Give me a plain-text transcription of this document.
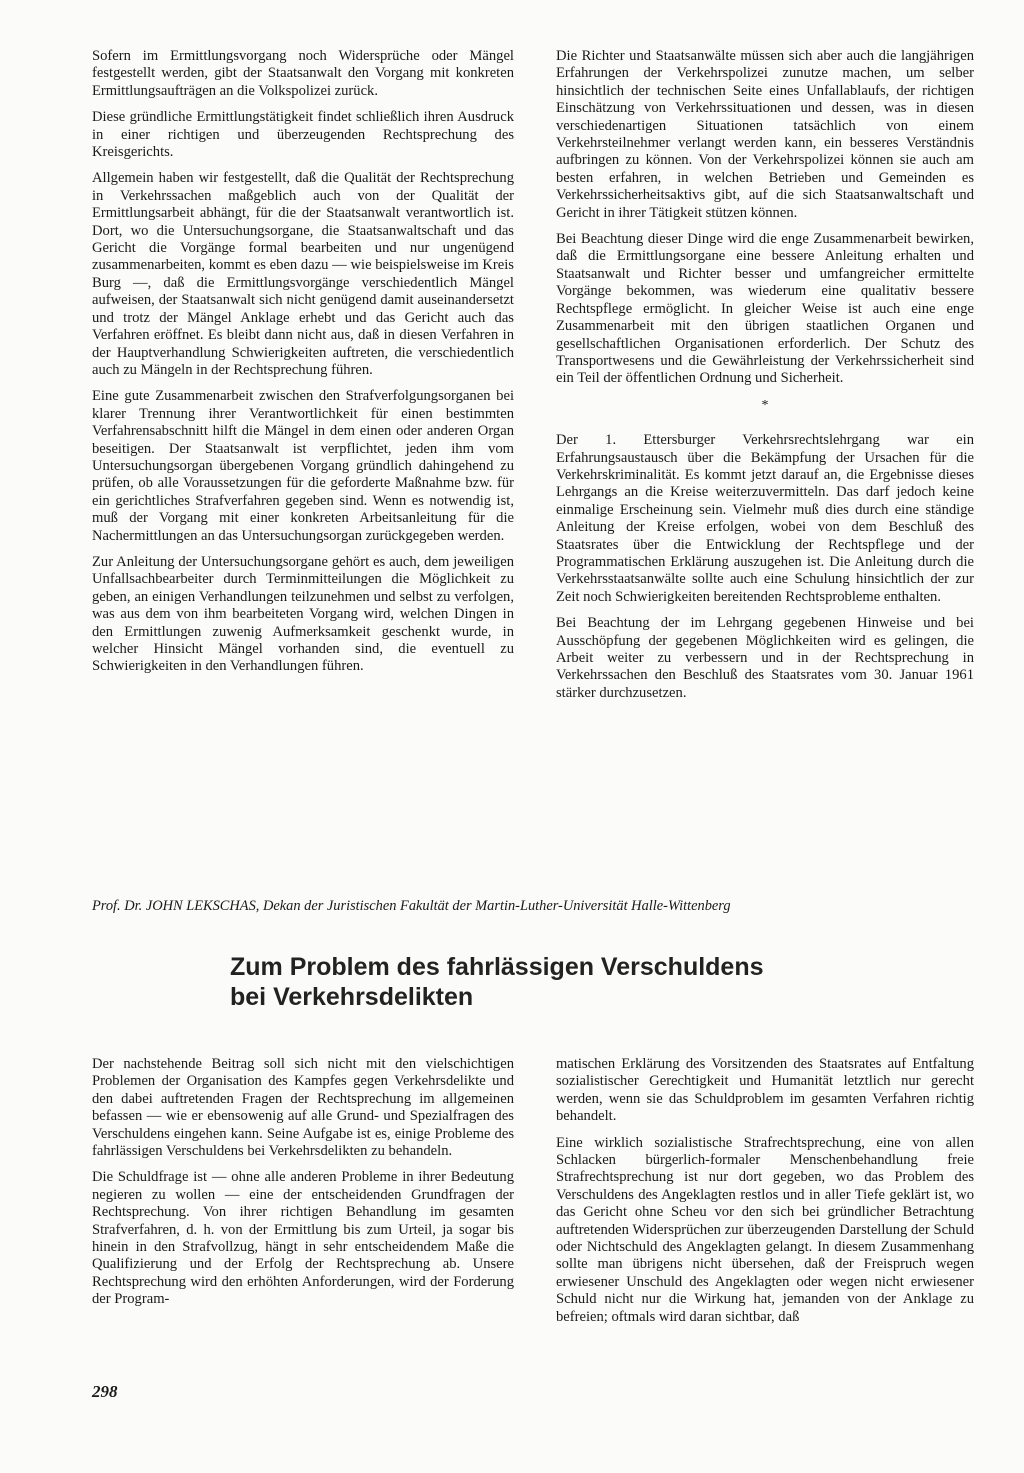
Sofern im Ermittlungsvorgang noch Widersprüche oder Mängel festgestellt werden, gibt der Staatsanwalt den Vorgang mit konkreten Ermittlungsaufträgen an die Volkspolizei zurück.

Diese gründliche Ermittlungstätigkeit findet schließlich ihren Ausdruck in einer richtigen und überzeugenden Rechtsprechung des Kreisgerichts.

Allgemein haben wir festgestellt, daß die Qualität der Rechtsprechung in Verkehrssachen maßgeblich auch von der Qualität der Ermittlungsarbeit abhängt, für die der Staatsanwalt verantwortlich ist. Dort, wo die Untersuchungsorgane, die Staatsanwaltschaft und das Gericht die Vorgänge formal bearbeiten und nur ungenügend zusammenarbeiten, kommt es eben dazu — wie beispielsweise im Kreis Burg —, daß die Ermittlungsvorgänge verschiedentlich Mängel aufweisen, der Staatsanwalt sich nicht genügend damit auseinandersetzt und trotz der Mängel Anklage erhebt und das Gericht auch das Verfahren eröffnet. Es bleibt dann nicht aus, daß in diesen Verfahren in der Hauptverhandlung Schwierigkeiten auftreten, die verschiedentlich auch zu Mängeln in der Rechtsprechung führen.

Eine gute Zusammenarbeit zwischen den Strafverfolgungsorganen bei klarer Trennung ihrer Verantwortlichkeit für einen bestimmten Verfahrensabschnitt hilft die Mängel in dem einen oder anderen Organ beseitigen. Der Staatsanwalt ist verpflichtet, jeden ihm vom Untersuchungsorgan übergebenen Vorgang gründlich dahingehend zu prüfen, ob alle Voraussetzungen für die geforderte Maßnahme bzw. für ein gerichtliches Strafverfahren gegeben sind. Wenn es notwendig ist, muß der Vorgang mit einer konkreten Arbeitsanleitung für die Nachermittlungen an das Untersuchungsorgan zurückgegeben werden.

Zur Anleitung der Untersuchungsorgane gehört es auch, dem jeweiligen Unfallsachbearbeiter durch Terminmitteilungen die Möglichkeit zu geben, an einigen Verhandlungen teilzunehmen und selbst zu verfolgen, was aus dem von ihm bearbeiteten Vorgang wird, welchen Dingen in den Ermittlungen zuwenig Aufmerksamkeit geschenkt wurde, in welcher Hinsicht Mängel vorhanden sind, die eventuell zu Schwierigkeiten in den Verhandlungen führen.

Die Richter und Staatsanwälte müssen sich aber auch die langjährigen Erfahrungen der Verkehrspolizei zunutze machen, um selber hinsichtlich der technischen Seite eines Unfallablaufs, der richtigen Einschätzung von Verkehrssituationen und dessen, was in diesen verschiedenartigen Situationen tatsächlich von einem Verkehrsteilnehmer verlangt werden kann, ein besseres Verständnis aufbringen zu können. Von der Verkehrspolizei können sie auch am besten erfahren, in welchen Betrieben und Gemeinden es Verkehrssicherheitsaktivs gibt, auf die sich Staatsanwaltschaft und Gericht in ihrer Tätigkeit stützen können.

Bei Beachtung dieser Dinge wird die enge Zusammenarbeit bewirken, daß die Ermittlungsorgane eine bessere Anleitung erhalten und Staatsanwalt und Richter besser und umfangreicher ermittelte Vorgänge bekommen, was wiederum eine qualitativ bessere Rechtspflege ermöglicht. In gleicher Weise ist auch eine enge Zusammenarbeit mit den übrigen staatlichen Organen und gesellschaftlichen Organisationen erforderlich. Der Schutz des Transportwesens und die Gewährleistung der Verkehrssicherheit sind ein Teil der öffentlichen Ordnung und Sicherheit.

*

Der 1. Ettersburger Verkehrsrechtslehrgang war ein Erfahrungsaustausch über die Bekämpfung der Ursachen für die Verkehrskriminalität. Es kommt jetzt darauf an, die Ergebnisse dieses Lehrgangs an die Kreise weiterzuvermitteln. Das darf jedoch keine einmalige Erscheinung sein. Vielmehr muß dies durch eine ständige Anleitung der Kreise erfolgen, wobei von dem Beschluß des Staatsrates über die Entwicklung der Rechtspflege und der Programmatischen Erklärung auszugehen ist. Die Anleitung durch die Verkehrsstaatsanwälte sollte auch eine Schulung hinsichtlich der zur Zeit noch Schwierigkeiten bereitenden Rechtsprobleme enthalten.

Bei Beachtung der im Lehrgang gegebenen Hinweise und bei Ausschöpfung der gegebenen Möglichkeiten wird es gelingen, die Arbeit weiter zu verbessern und in der Rechtsprechung in Verkehrssachen den Beschluß des Staatsrates vom 30. Januar 1961 stärker durchzusetzen.

Prof. Dr. JOHN LEKSCHAS, Dekan der Juristischen Fakultät der Martin-Luther-Universität Halle-Wittenberg
Zum Problem des fahrlässigen Verschuldens
bei Verkehrsdelikten

Der nachstehende Beitrag soll sich nicht mit den vielschichtigen Problemen der Organisation des Kampfes gegen Verkehrsdelikte und den dabei auftretenden Fragen der Rechtsprechung im allgemeinen befassen — wie er ebensowenig auf alle Grund- und Spezialfragen des Verschuldens eingehen kann. Seine Aufgabe ist es, einige Probleme des fahrlässigen Verschuldens bei Verkehrsdelikten zu behandeln.

Die Schuldfrage ist — ohne alle anderen Probleme in ihrer Bedeutung negieren zu wollen — eine der entscheidenden Grundfragen der Rechtsprechung. Von ihrer richtigen Behandlung im gesamten Strafverfahren, d. h. von der Ermittlung bis zum Urteil, ja sogar bis hinein in den Strafvollzug, hängt in sehr entscheidendem Maße die Qualifizierung und der Erfolg der Rechtsprechung ab. Unsere Rechtsprechung wird den erhöhten Anforderungen, wird der Forderung der Program-

matischen Erklärung des Vorsitzenden des Staatsrates auf Entfaltung sozialistischer Gerechtigkeit und Humanität letztlich nur gerecht werden, wenn sie das Schuldproblem im gesamten Verfahren richtig behandelt.

Eine wirklich sozialistische Strafrechtsprechung, eine von allen Schlacken bürgerlich-formaler Menschenbehandlung freie Strafrechtsprechung ist nur dort gegeben, wo das Problem des Verschuldens des Angeklagten restlos und in aller Tiefe geklärt ist, wo das Gericht ohne Scheu vor den sich bei gründlicher Betrachtung auftretenden Widersprüchen zur überzeugenden Darstellung der Schuld oder Nichtschuld des Angeklagten gelangt. In diesem Zusammenhang sollte man übrigens nicht übersehen, daß der Freispruch wegen erwiesener Unschuld des Angeklagten oder wegen nicht erwiesener Schuld nicht nur die Wirkung hat, jemanden von der Anklage zu befreien; oftmals wird daran sichtbar, daß

298
